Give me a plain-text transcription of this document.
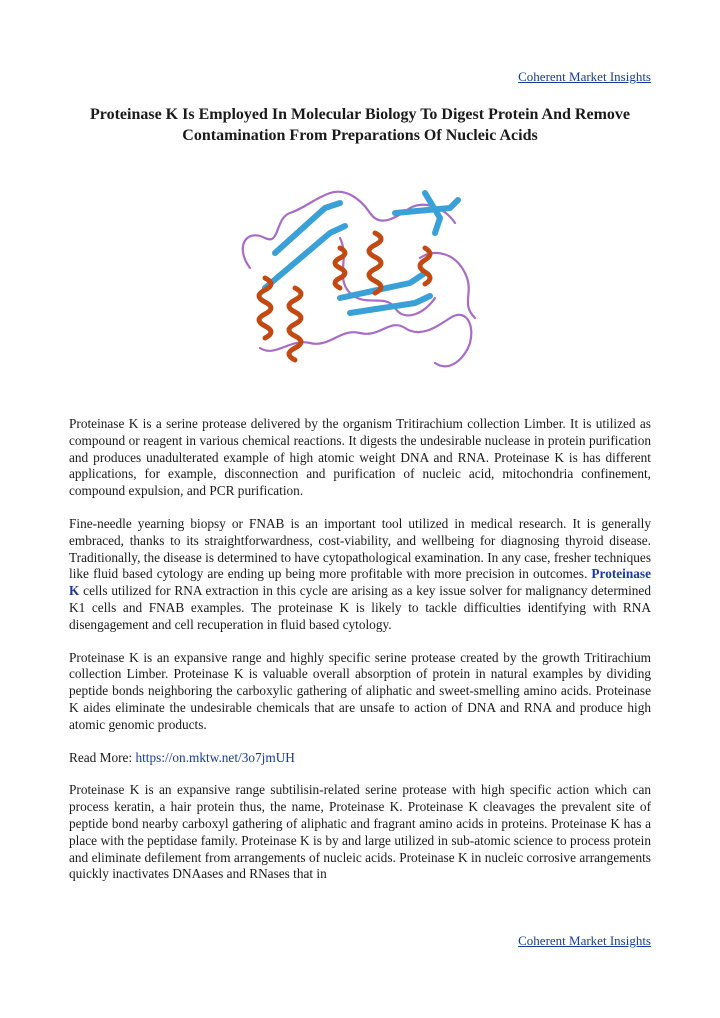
Coherent Market Insights
Proteinase K Is Employed In Molecular Biology To Digest Protein And Remove Contamination From Preparations Of Nucleic Acids

Proteinase K is a serine protease delivered by the organism Tritirachium collection Limber. It is utilized as compound or reagent in various chemical reactions. It digests the undesirable nuclease in protein purification and produces unadulterated example of high atomic weight DNA and RNA. Proteinase K is has different applications, for example, disconnection and purification of nucleic acid, mitochondria confinement, compound expulsion, and PCR purification.

Fine-needle yearning biopsy or FNAB is an important tool utilized in medical research. It is generally embraced, thanks to its straightforwardness, cost-viability, and wellbeing for diagnosing thyroid disease. Traditionally, the disease is determined to have cytopathological examination. In any case, fresher techniques like fluid based cytology are ending up being more profitable with more precision in outcomes. Proteinase K cells utilized for RNA extraction in this cycle are arising as a key issue solver for malignancy determined K1 cells and FNAB examples. The proteinase K is likely to tackle difficulties identifying with RNA disengagement and cell recuperation in fluid based cytology.

Proteinase K is an expansive range and highly specific serine protease created by the growth Tritirachium collection Limber. Proteinase K is valuable overall absorption of protein in natural examples by dividing peptide bonds neighboring the carboxylic gathering of aliphatic and sweet-smelling amino acids. Proteinase K aides eliminate the undesirable chemicals that are unsafe to action of DNA and RNA and produce high atomic genomic products.

Read More: https://on.mktw.net/3o7jmUH

Proteinase K is an expansive range subtilisin-related serine protease with high specific action which can process keratin, a hair protein thus, the name, Proteinase K. Proteinase K cleavages the prevalent site of peptide bond nearby carboxyl gathering of aliphatic and fragrant amino acids in proteins. Proteinase K has a place with the peptidase family. Proteinase K is by and large utilized in sub-atomic science to process protein and eliminate defilement from arrangements of nucleic acids. Proteinase K in nucleic corrosive arrangements quickly inactivates DNAases and RNases that in

Coherent Market Insights
